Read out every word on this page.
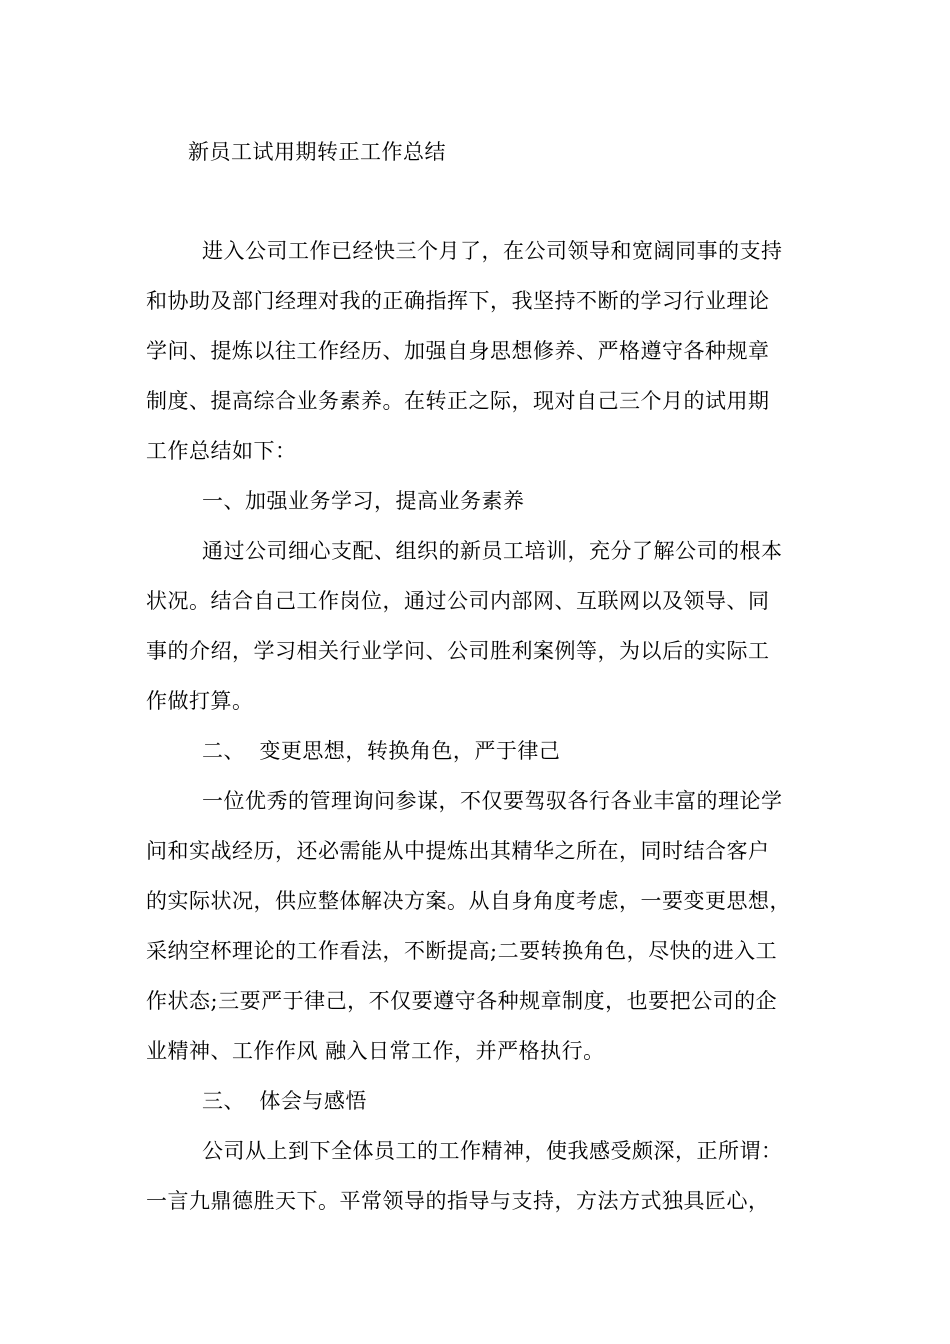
新员工试用期转正工作总结
进入公司工作已经快三个月了，在公司领导和宽阔同事的支持
和协助及部门经理对我的正确指挥下，我坚持不断的学习行业理论
学问、提炼以往工作经历、加强自身思想修养、严格遵守各种规章
制度、提高综合业务素养。在转正之际，现对自己三个月的试用期
工作总结如下：
一、加强业务学习，提高业务素养
通过公司细心支配、组织的新员工培训，充分了解公司的根本
状况。结合自己工作岗位，通过公司内部网、互联网以及领导、同
事的介绍，学习相关行业学问、公司胜利案例等，为以后的实际工
作做打算。
二、  变更思想，转换角色，严于律己
一位优秀的管理询问参谋，不仅要驾驭各行各业丰富的理论学
问和实战经历，还必需能从中提炼出其精华之所在，同时结合客户
的实际状况，供应整体解决方案。从自身角度考虑，一要变更思想，
采纳空杯理论的工作看法，不断提高;二要转换角色，尽快的进入工
作状态;三要严于律己，不仅要遵守各种规章制度，也要把公司的企
业精神、工作作风 融入日常工作，并严格执行。
三、  体会与感悟
公司从上到下全体员工的工作精神，使我感受颇深，正所谓：
一言九鼎德胜天下。平常领导的指导与支持，方法方式独具匠心，
